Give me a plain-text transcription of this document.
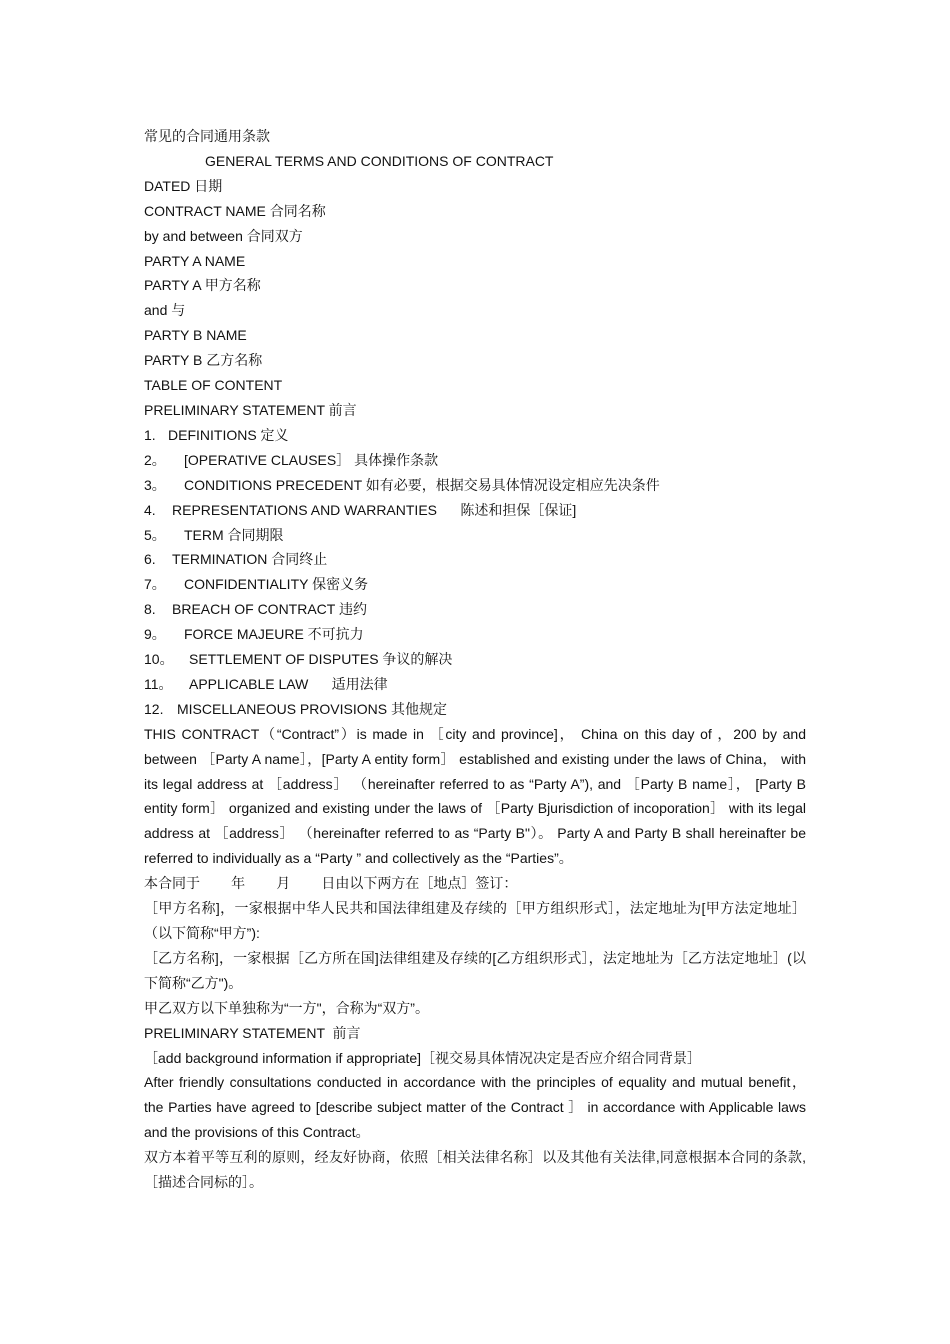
常见的合同通用条款

GENERAL TERMS AND CONDITIONS OF CONTRACT

DATED 日期

CONTRACT NAME 合同名称

by and between 合同双方

PARTY A NAME

PARTY A 甲方名称

and 与

PARTY B NAME

PARTY B 乙方名称

TABLE OF CONTENT

PRELIMINARY STATEMENT 前言

1. DEFINITIONS 定义

2。 [OPERATIVE CLAUSES］ 具体操作条款

3。 CONDITIONS PRECEDENT 如有必要，根据交易具体情况设定相应先决条件

4. REPRESENTATIONS AND WARRANTIES      陈述和担保［保证]

5。 TERM 合同期限

6. TERMINATION 合同终止

7。 CONFIDENTIALITY 保密义务

8. BREACH OF CONTRACT 违约

9。 FORCE MAJEURE 不可抗力

10。 SETTLEMENT OF DISPUTES 争议的解决

11。 APPLICABLE LAW      适用法律

12. MISCELLANEOUS PROVISIONS 其他规定

THIS CONTRACT（“Contract”）is made in ［city and province]， China on this day of ，200 by and between ［Party A name］，[Party A entity form］ established and existing under the laws of China， with its legal address at ［address］ （hereinafter referred to as “Party A”), and ［Party B name］， [Party B entity form］ organized and existing under the laws of ［Party Bjurisdiction of incoporation］ with its legal address at ［address］ （hereinafter referred to as “Party B"）。 Party A and Party B shall hereinafter be referred to individually as a “Party ” and collectively as the “Parties”。

本合同于        年        月        日由以下两方在［地点］签订：

［甲方名称]，一家根据中华人民共和国法律组建及存续的［甲方组织形式］，法定地址为[甲方法定地址］（以下简称“甲方”):

［乙方名称]，一家根据［乙方所在国]法律组建及存续的[乙方组织形式］，法定地址为［乙方法定地址］(以下简称“乙方")。

甲乙双方以下单独称为“一方"，合称为“双方”。

PRELIMINARY STATEMENT  前言

［add background information if appropriate]［视交易具体情况决定是否应介绍合同背景］

After friendly consultations conducted in accordance with the principles of equality and mutual benefit， the Parties have agreed to [describe subject matter of the Contract ］ in accordance with Applicable laws and the provisions of this Contract。

双方本着平等互利的原则，经友好协商，依照［相关法律名称］以及其他有关法律,同意根据本合同的条款,［描述合同标的］。
